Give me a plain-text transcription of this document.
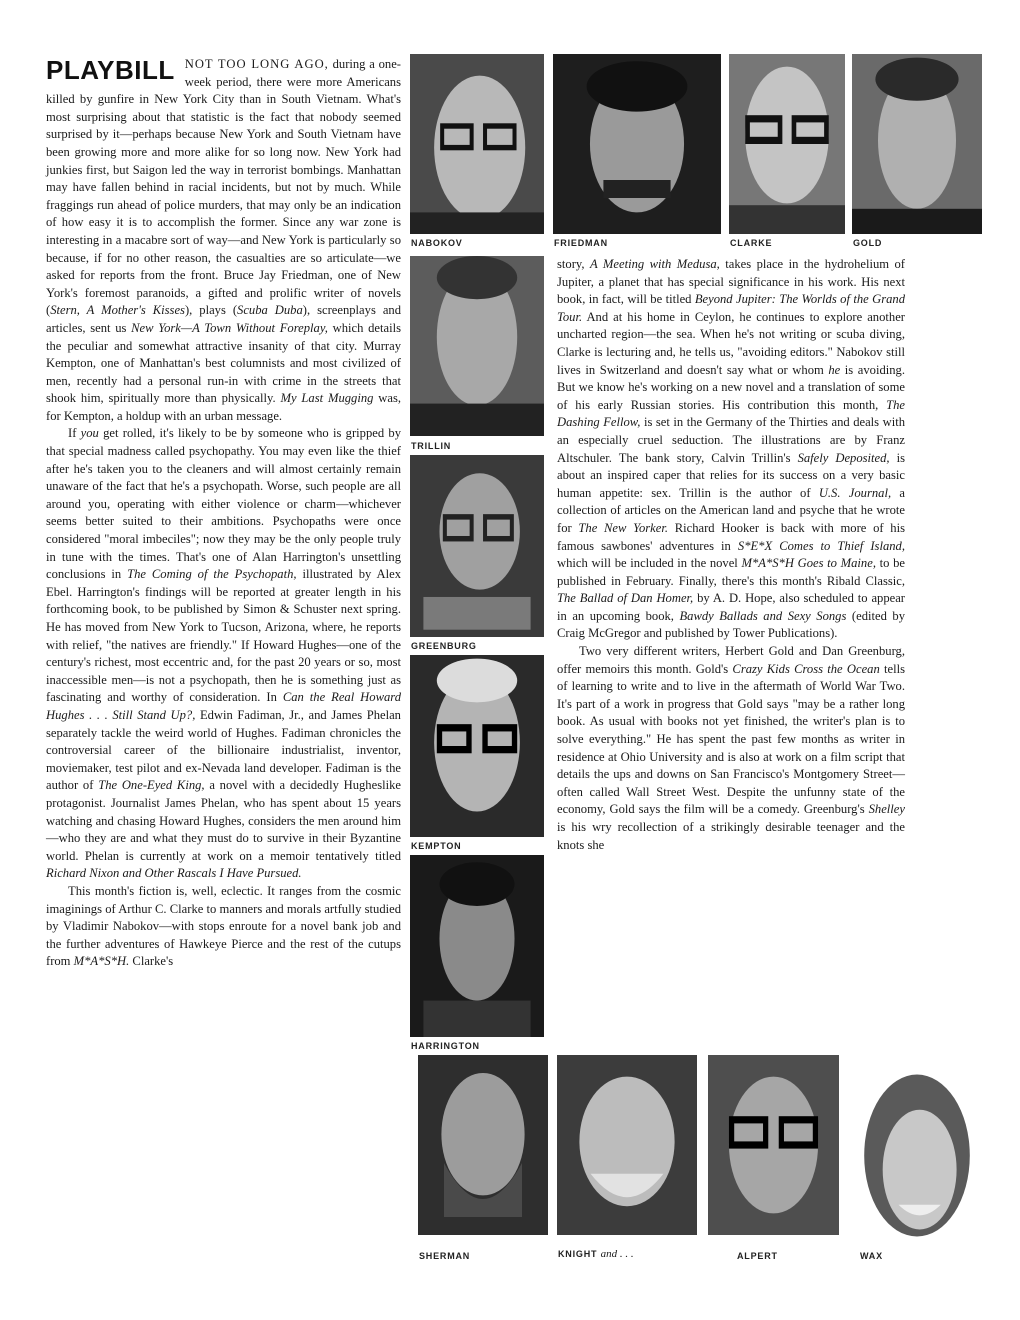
PLAYBILL NOT TOO LONG AGO, during a one-week period, there were more Americans killed by gunfire in New York City than in South Vietnam. What's most surprising about that statistic is the fact that nobody seemed surprised by it—perhaps because New York and South Vietnam have been growing more and more alike for so long now. New York had junkies first, but Saigon led the way in terrorist bombings. Manhattan may have fallen behind in racial incidents, but not by much. While fraggings run ahead of police murders, that may only be an indication of how easy it is to accomplish the former. Since any war zone is interesting in a macabre sort of way—and New York is particularly so because, if for no other reason, the casualties are so articulate—we asked for reports from the front. Bruce Jay Friedman, one of New York's foremost paranoids, a gifted and prolific writer of novels (Stern, A Mother's Kisses), plays (Scuba Duba), screenplays and articles, sent us New York—A Town Without Foreplay, which details the peculiar and somewhat attractive insanity of that city. Murray Kempton, one of Manhattan's best columnists and most civilized of men, recently had a personal run-in with crime in the streets that shook him, spiritually more than physically. My Last Mugging was, for Kempton, a holdup with an urban message.

If you get rolled, it's likely to be by someone who is gripped by that special madness called psychopathy. You may even like the thief after he's taken you to the cleaners and will almost certainly remain unaware of the fact that he's a psychopath. Worse, such people are all around you, operating with either violence or charm—whichever seems better suited to their ambitions. Psychopaths were once considered "moral imbeciles"; now they may be the only people truly in tune with the times. That's one of Alan Harrington's unsettling conclusions in The Coming of the Psychopath, illustrated by Alex Ebel. Harrington's findings will be reported at greater length in his forthcoming book, to be published by Simon & Schuster next spring. He has moved from New York to Tucson, Arizona, where, he reports with relief, "the natives are friendly." If Howard Hughes—one of the century's richest, most eccentric and, for the past 20 years or so, most inaccessible men—is not a psychopath, then he is something just as fascinating and worthy of consideration. In Can the Real Howard Hughes . . . Still Stand Up?, Edwin Fadiman, Jr., and James Phelan separately tackle the weird world of Hughes. Fadiman chronicles the controversial career of the billionaire industrialist, inventor, moviemaker, test pilot and ex-Nevada land developer. Fadiman is the author of The One-Eyed King, a novel with a decidedly Hugheslike protagonist. Journalist James Phelan, who has spent about 15 years watching and chasing Howard Hughes, considers the men around him—who they are and what they must do to survive in their Byzantine world. Phelan is currently at work on a memoir tentatively titled Richard Nixon and Other Rascals I Have Pursued.

This month's fiction is, well, eclectic. It ranges from the cosmic imaginings of Arthur C. Clarke to manners and morals artfully studied by Vladimir Nabokov—with stops enroute for a novel bank job and the further adventures of Hawkeye Pierce and the rest of the cutups from M*A*S*H. Clarke's

story, A Meeting with Medusa, takes place in the hydrohelium of Jupiter, a planet that has special significance in his work. His next book, in fact, will be titled Beyond Jupiter: The Worlds of the Grand Tour. And at his home in Ceylon, he continues to explore another uncharted region—the sea. When he's not writing or scuba diving, Clarke is lecturing and, he tells us, "avoiding editors." Nabokov still lives in Switzerland and doesn't say what or whom he is avoiding. But we know he's working on a new novel and a translation of some of his early Russian stories. His contribution this month, The Dashing Fellow, is set in the Germany of the Thirties and deals with an especially cruel seduction. The illustrations are by Franz Altschuler. The bank story, Calvin Trillin's Safely Deposited, is about an inspired caper that relies for its success on a very basic human appetite: sex. Trillin is the author of U.S. Journal, a collection of articles on the American land and psyche that he wrote for The New Yorker. Richard Hooker is back with more of his famous sawbones' adventures in S*E*X Comes to Thief Island, which will be included in the novel M*A*S*H Goes to Maine, to be published in February. Finally, there's this month's Ribald Classic, The Ballad of Dan Homer, by A. D. Hope, also scheduled to appear in an upcoming book, Bawdy Ballads and Sexy Songs (edited by Craig McGregor and published by Tower Publications).

Two very different writers, Herbert Gold and Dan Greenburg, offer memoirs this month. Gold's Crazy Kids Cross the Ocean tells of learning to write and to live in the aftermath of World War Two. It's part of a work in progress that Gold says "may be a rather long book. As usual with books not yet finished, the writer's plan is to solve everything." He has spent the past few months as writer in residence at Ohio University and is also at work on a film script that details the ups and downs on San Francisco's Montgomery Street—often called Wall Street West. Despite the unfunny state of the economy, Gold says the film will be a comedy. Greenburg's Shelley is his wry recollection of a strikingly desirable teenager and the knots she

NABOKOV	FRIEDMAN	CLARKE	GOLD
TRILLIN
GREENBURG
KEMPTON
HARRINGTON
SHERMAN	KNIGHT and . . .	ALPERT	WAX
